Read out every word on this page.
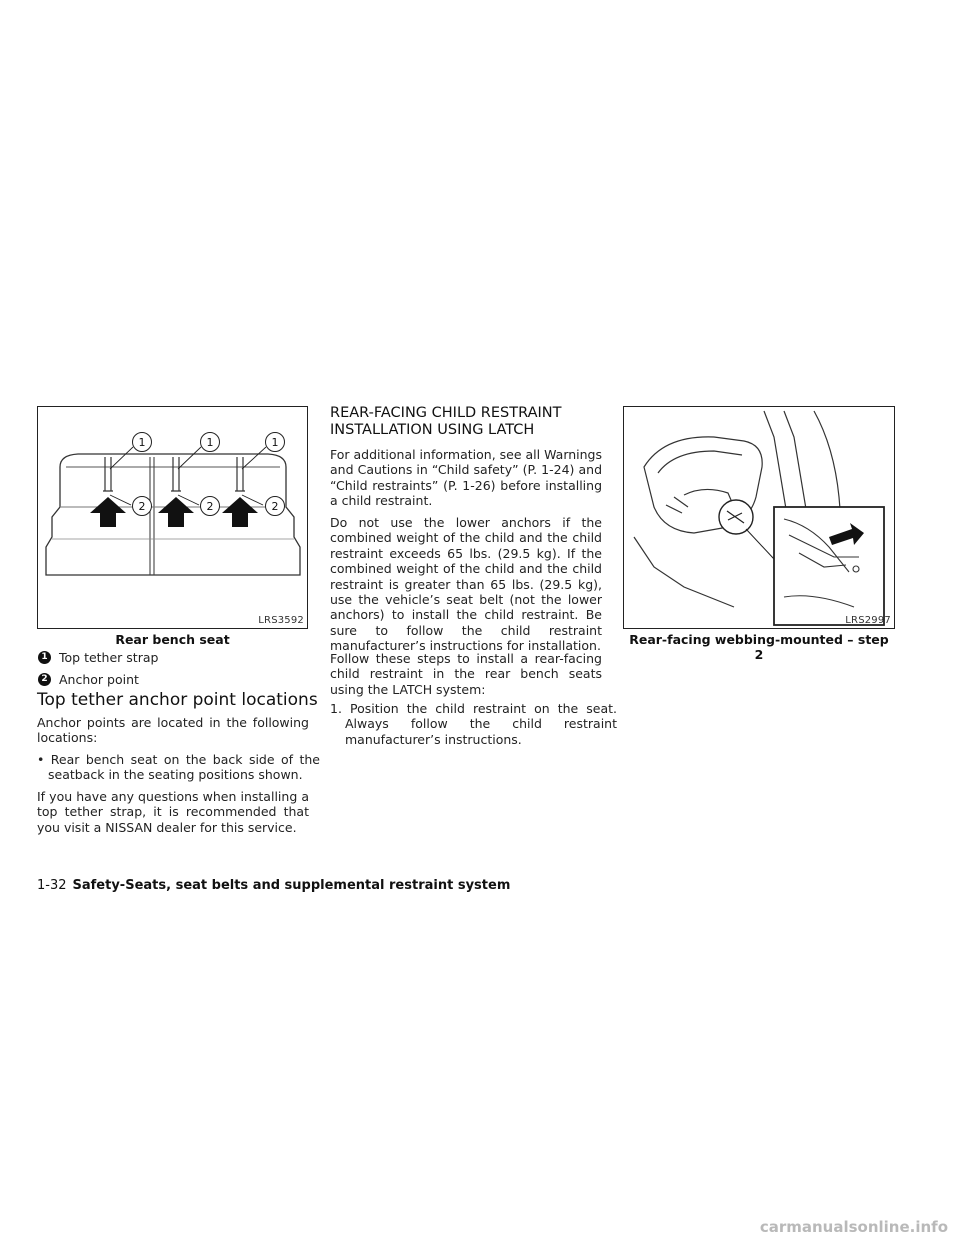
1	1	1
2	2	2
LRS3592
Rear bench seat
1 Top tether strap
2 Anchor point
Top tether anchor point locations

Anchor points are located in the following locations:

• Rear bench seat on the back side of the seatback in the seating positions shown.

If you have any questions when installing a top tether strap, it is recommended that you visit a NISSAN dealer for this service.

REAR-FACING CHILD RESTRAINT INSTALLATION USING LATCH

For additional information, see all Warnings and Cautions in “Child safety” (P. 1-24) and “Child restraints” (P. 1-26) before installing a child restraint.

Do not use the lower anchors if the combined weight of the child and the child restraint exceeds 65 lbs. (29.5 kg). If the combined weight of the child and the child restraint is greater than 65 lbs. (29.5 kg), use the vehicle’s seat belt (not the lower anchors) to install the child restraint. Be sure to follow the child restraint manufacturer’s instructions for installation.

Follow these steps to install a rear-facing child restraint in the rear bench seats using the LATCH system:

1. Position the child restraint on the seat. Always follow the child restraint manufacturer’s instructions.

LRS2997
Rear-facing webbing-mounted – step 2
1-32 Safety-Seats, seat belts and supplemental restraint system
carmanualsonline.info
